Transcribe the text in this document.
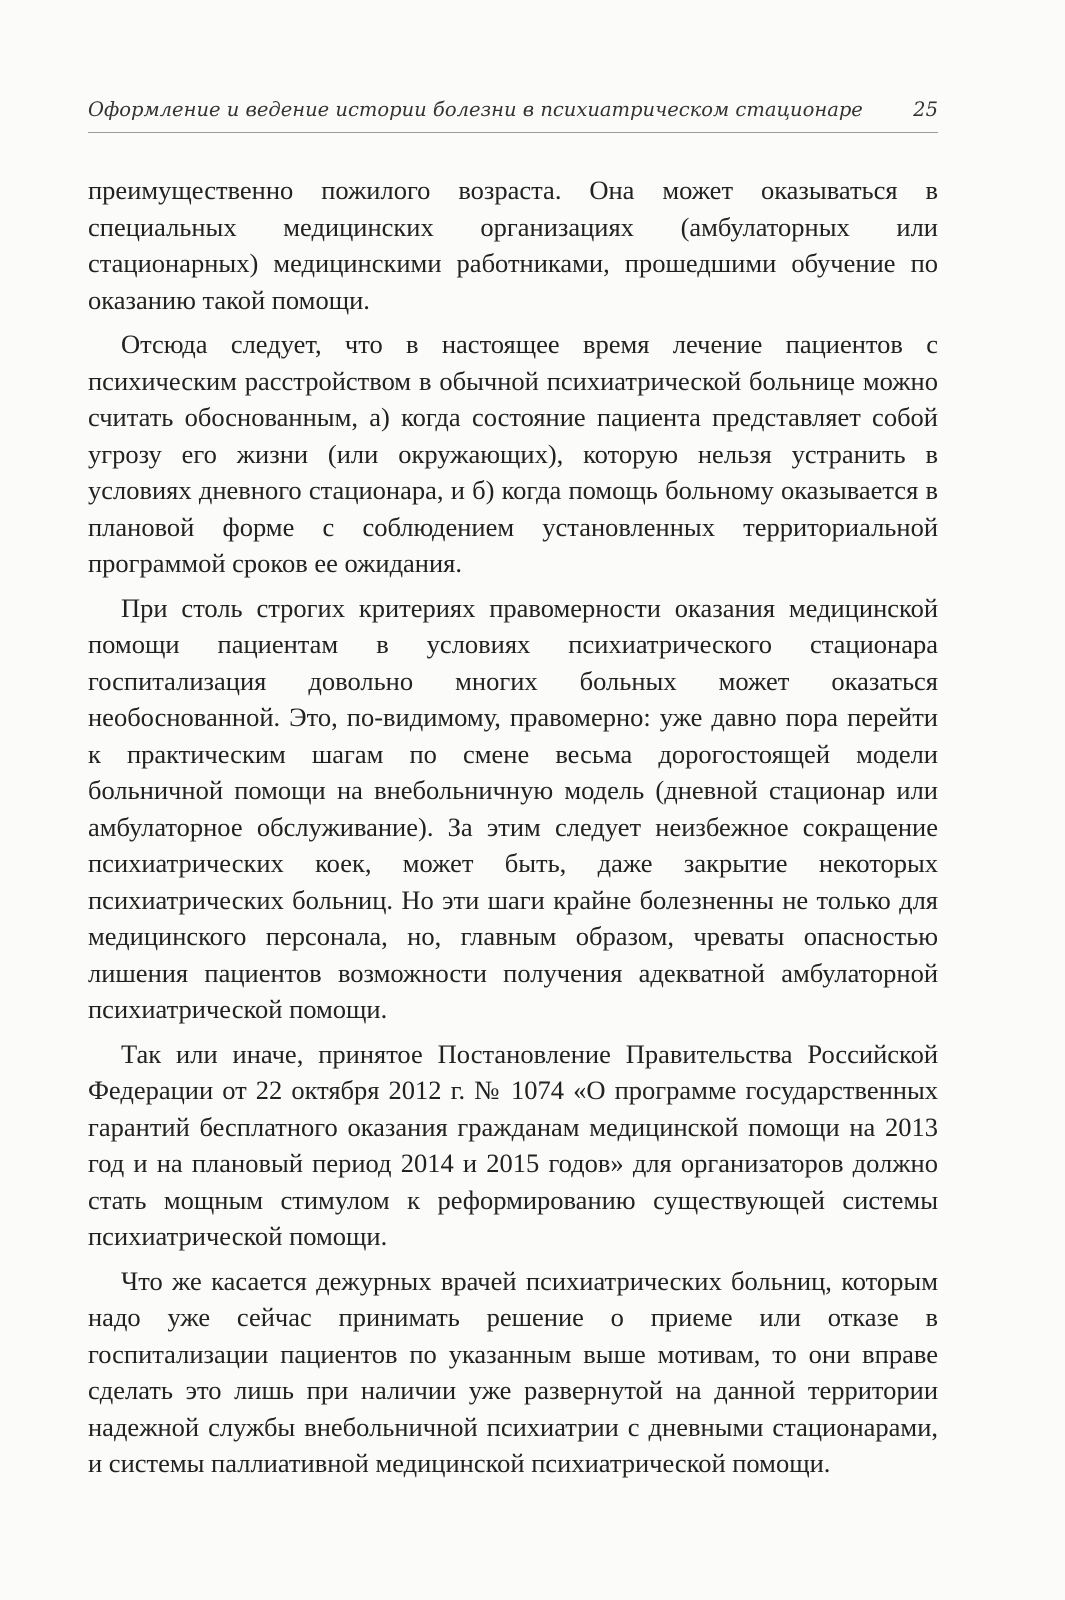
Оформление и ведение истории болезни в психиатрическом стационаре	25

преимущественно пожилого возраста. Она может оказываться в специальных медицинских организациях (амбулаторных или стационарных) медицинскими работниками, прошедшими обучение по оказанию такой помощи.

Отсюда следует, что в настоящее время лечение пациентов с психическим расстройством в обычной психиатрической больнице можно считать обоснованным, а) когда состояние пациента представляет собой угрозу его жизни (или окружающих), которую нельзя устранить в условиях дневного стационара, и б) когда помощь больному оказывается в плановой форме с соблюдением установленных территориальной программой сроков ее ожидания.

При столь строгих критериях правомерности оказания медицинской помощи пациентам в условиях психиатрического стационара госпитализация довольно многих больных может оказаться необоснованной. Это, по-видимому, правомерно: уже давно пора перейти к практическим шагам по смене весьма дорогостоящей модели больничной помощи на внебольничную модель (дневной стационар или амбулаторное обслуживание). За этим следует неизбежное сокращение психиатрических коек, может быть, даже закрытие некоторых психиатрических больниц. Но эти шаги крайне болезненны не только для медицинского персонала, но, главным образом, чреваты опасностью лишения пациентов возможности получения адекватной амбулаторной психиатрической помощи.

Так или иначе, принятое Постановление Правительства Российской Федерации от 22 октября 2012 г. № 1074 «О программе государственных гарантий бесплатного оказания гражданам медицинской помощи на 2013 год и на плановый период 2014 и 2015 годов» для организаторов должно стать мощным стимулом к реформированию существующей системы психиатрической помощи.

Что же касается дежурных врачей психиатрических больниц, которым надо уже сейчас принимать решение о приеме или отказе в госпитализации пациентов по указанным выше мотивам, то они вправе сделать это лишь при наличии уже развернутой на данной территории надежной службы внебольничной психиатрии с дневными стационарами, и системы паллиативной медицинской психиатрической помощи.
